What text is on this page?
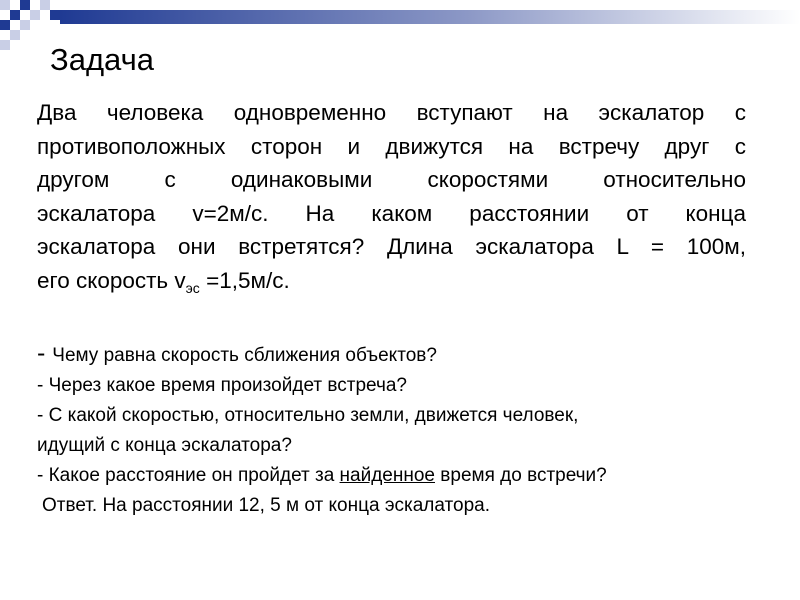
Задача
Два человека одновременно вступают на эскалатор с
противоположных сторон и движутся на встречу друг с
другом с одинаковыми скоростями относительно
эскалатора v=2м/с. На каком расстоянии от конца
эскалатора они встретятся? Длина эскалатора L = 100м,
его скорость $v_{эс} =1,5м/с$.
- Чему равна скорость сближения объектов?
- Через какое время произойдет встреча?
- С какой скоростью, относительно земли, движется человек,
идущий с конца эскалатора?
- Какое расстояние он пройдет за найденное время до встречи?
Ответ. На расстоянии 12, 5 м от конца эскалатора.
